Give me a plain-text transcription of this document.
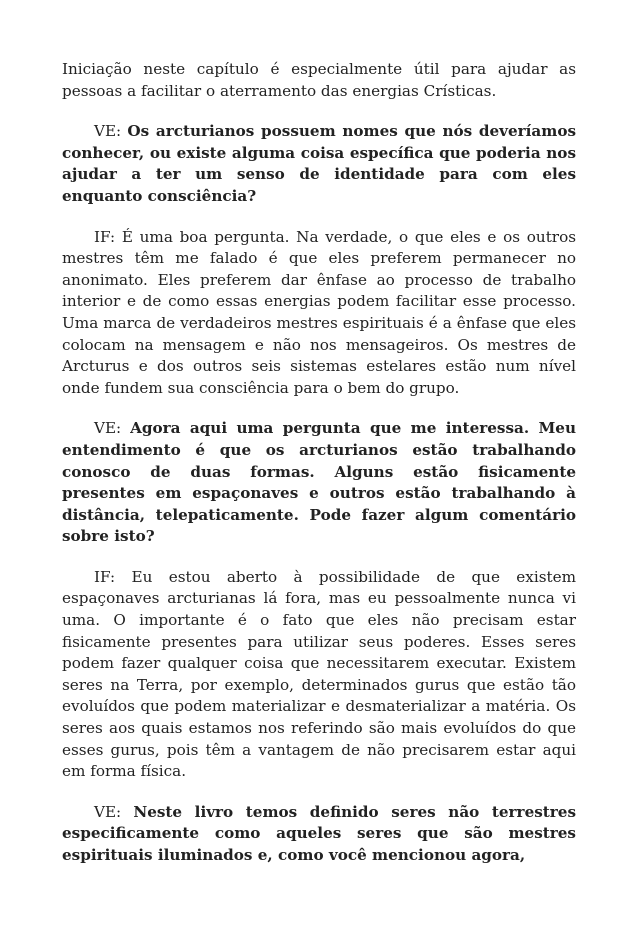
Iniciação neste capítulo é especialmente útil para ajudar as pessoas a facilitar o aterramento das energias Crísticas.

VE: Os arcturianos possuem nomes que nós deveríamos conhecer, ou existe alguma coisa específica que poderia nos ajudar a ter um senso de identidade para com eles enquanto consciência?

IF: É uma boa pergunta. Na verdade, o que eles e os outros mestres têm me falado é que eles preferem permanecer no anonimato. Eles preferem dar ênfase ao processo de trabalho interior e de como essas energias podem facilitar esse processo. Uma marca de verdadeiros mestres espirituais é a ênfase que eles colocam na mensagem e não nos mensageiros. Os mestres de Arcturus e dos outros seis sistemas estelares estão num nível onde fundem sua consciência para o bem do grupo.

VE: Agora aqui uma pergunta que me interessa. Meu entendimento é que os arcturianos estão trabalhando conosco de duas formas. Alguns estão fisicamente presentes em espaçonaves e outros estão trabalhando à distância, telepaticamente. Pode fazer algum comentário sobre isto?

IF: Eu estou aberto à possibilidade de que existem espaçonaves arcturianas lá fora, mas eu pessoalmente nunca vi uma. O importante é o fato que eles não precisam estar fisicamente presentes para utilizar seus poderes. Esses seres podem fazer qualquer coisa que necessitarem executar. Existem seres na Terra, por exemplo, determinados gurus que estão tão evoluídos que podem materializar e desmaterializar a matéria. Os seres aos quais estamos nos referindo são mais evoluídos do que esses gurus, pois têm a vantagem de não precisarem estar aqui em forma física.

VE: Neste livro temos definido seres não terrestres especificamente como aqueles seres que são mestres espirituais iluminados e, como você mencionou agora,
